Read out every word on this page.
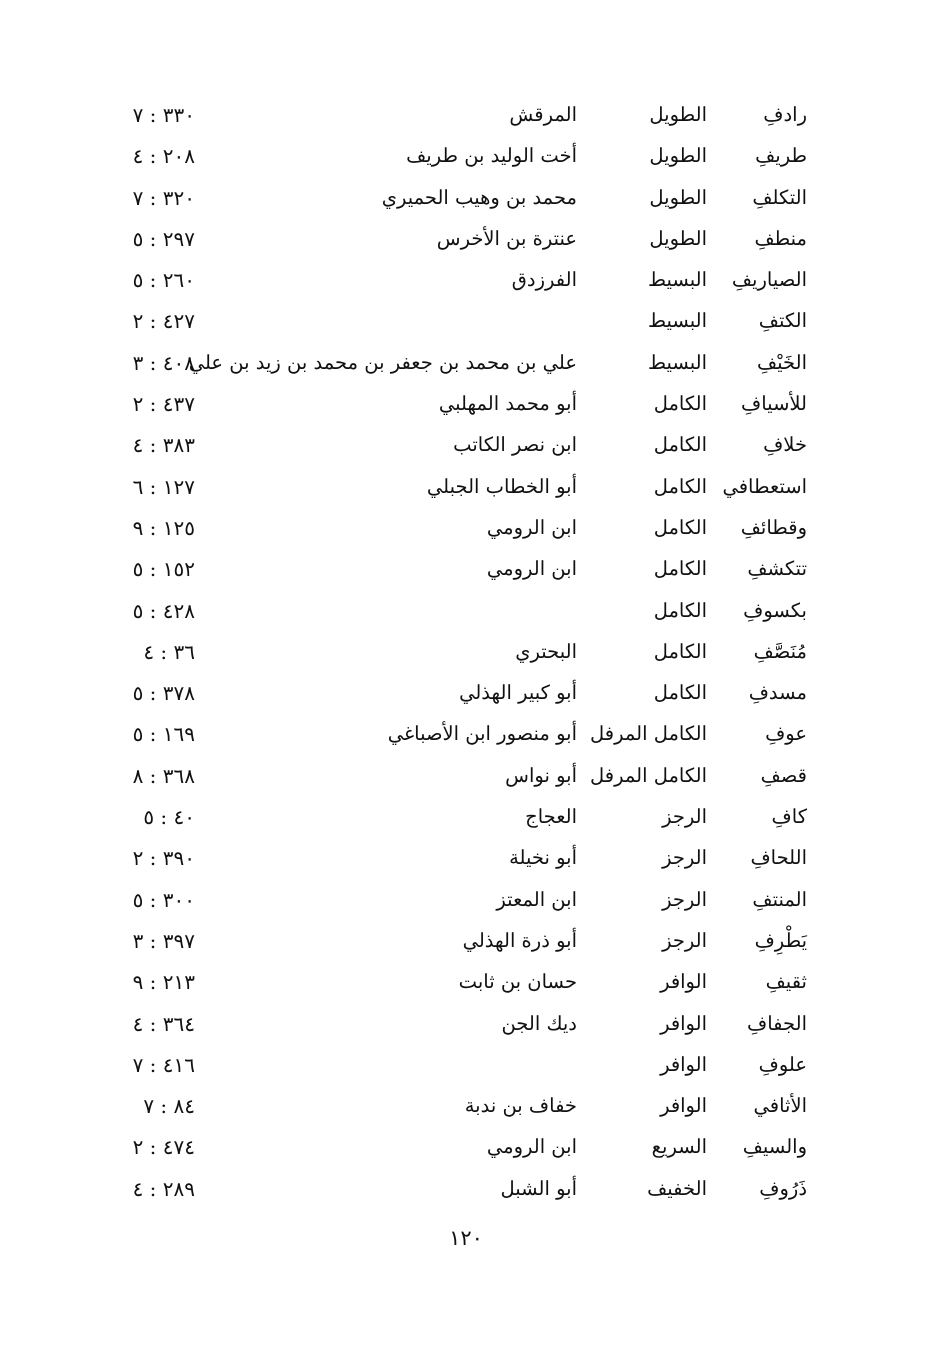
رادفِ
الطويل
المرقش
٣٣٠ : ٧
طريفِ
الطويل
أخت الوليد بن طريف
٢٠٨ : ٤
التكلفِ
الطويل
محمد بن وهيب الحميري
٣٢٠ : ٧
منطفِ
الطويل
عنترة بن الأخرس
٢٩٧ : ٥
الصياريفِ
البسيط
الفرزدق
٢٦٠ : ٥
الكتفِ
البسيط
٤٢٧ : ٢
الخَيْفِ
البسيط
علي بن محمد بن جعفر بن محمد بن زيد بن علي
٤٠٨ : ٣
للأسيافِ
الكامل
أبو محمد المهلبي
٤٣٧ : ٢
خلافِ
الكامل
ابن نصر الكاتب
٣٨٣ : ٤
استعطافي
الكامل
أبو الخطاب الجبلي
١٢٧ : ٦
وقطائفِ
الكامل
ابن الرومي
١٢٥ : ٩
تتكشفِ
الكامل
ابن الرومي
١٥٢ : ٥
بكسوفِ
الكامل
٤٢٨ : ٥
مُنَصَّفِ
الكامل
البحتري
٣٦ : ٤
مسدفِ
الكامل
أبو كبير الهذلي
٣٧٨ : ٥
عوفِ
الكامل المرفل
أبو منصور ابن الأصباغي
١٦٩ : ٥
قصفِ
الكامل المرفل
أبو نواس
٣٦٨ : ٨
كافِ
الرجز
العجاج
٤٠ : ٥
اللحافِ
الرجز
أبو نخيلة
٣٩٠ : ٢
المنتفِ
الرجز
ابن المعتز
٣٠٠ : ٥
يَطْرِفِ
الرجز
أبو ذرة الهذلي
٣٩٧ : ٣
ثقيفِ
الوافر
حسان بن ثابت
٢١٣ : ٩
الجفافِ
الوافر
ديك الجن
٣٦٤ : ٤
علوفِ
الوافر
٤١٦ : ٧
الأثافي
الوافر
خفاف بن ندبة
٨٤ : ٧
والسيفِ
السريع
ابن الرومي
٤٧٤ : ٢
ذَرُوفِ
الخفيف
أبو الشبل
٢٨٩ : ٤
١٢٠
